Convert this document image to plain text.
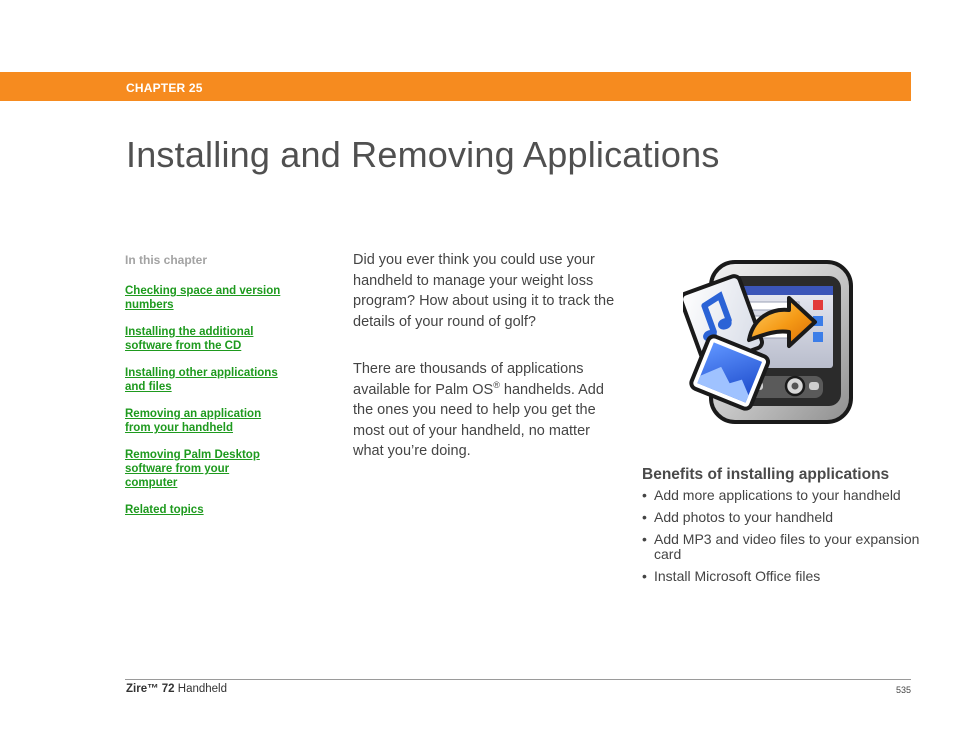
CHAPTER 25
Installing and Removing Applications
In this chapter
Checking space and version numbers
Installing the additional software from the CD
Installing other applications and files
Removing an application from your handheld
Removing Palm Desktop software from your computer
Related topics

Did you ever think you could use your handheld to manage your weight loss program? How about using it to track the details of your round of golf?

There are thousands of applications available for Palm OS® handhelds. Add the ones you need to help you get the most out of your handheld, no matter what you’re doing.

Benefits of installing applications
• Add more applications to your handheld
• Add photos to your handheld
• Add MP3 and video files to your expansion card
• Install Microsoft Office files
Zire™ 72 Handheld	535
